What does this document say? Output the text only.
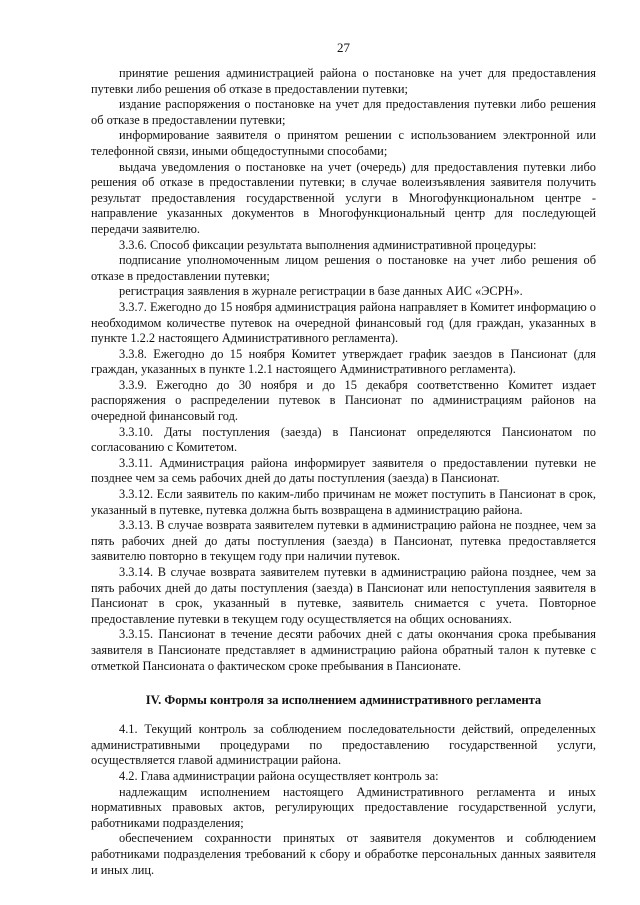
27

принятие решения администрацией района о постановке на учет для предоставления путевки либо решения об отказе в предоставлении путевки;

издание распоряжения о постановке на учет для предоставления путевки либо решения об отказе в предоставлении путевки;

информирование заявителя о принятом решении с использованием электронной или телефонной связи, иными общедоступными способами;

выдача уведомления о постановке на учет (очередь) для предоставления путевки либо решения об отказе в предоставлении путевки; в случае волеизъявления заявителя получить результат предоставления государственной услуги в Многофункциональном центре - направление указанных документов в Многофункциональный центр для последующей передачи заявителю.

3.3.6. Способ фиксации результата выполнения административной процедуры:

подписание уполномоченным лицом решения о постановке на учет либо решения об отказе в предоставлении путевки;

регистрация заявления в журнале регистрации в базе данных АИС «ЭСРН».

3.3.7. Ежегодно до 15 ноября администрация района направляет в Комитет информацию о необходимом количестве путевок на очередной финансовый год (для граждан, указанных в пункте 1.2.2 настоящего Административного регламента).

3.3.8. Ежегодно до 15 ноября Комитет утверждает график заездов в Пансионат (для граждан, указанных в пункте 1.2.1 настоящего Административного регламента).

3.3.9. Ежегодно до 30 ноября и до 15 декабря соответственно Комитет издает распоряжения о распределении путевок в Пансионат по администрациям районов на очередной финансовый год.

3.3.10. Даты поступления (заезда) в Пансионат определяются Пансионатом по согласованию с Комитетом.

3.3.11. Администрация района информирует заявителя о предоставлении путевки не позднее чем за семь рабочих дней до даты поступления (заезда) в Пансионат.

3.3.12. Если заявитель по каким-либо причинам не может поступить в Пансионат в срок, указанный в путевке, путевка должна быть возвращена в администрацию района.

3.3.13. В случае возврата заявителем путевки в администрацию района не позднее, чем за пять рабочих дней до даты поступления (заезда) в Пансионат, путевка предоставляется заявителю повторно в текущем году при наличии путевок.

3.3.14. В случае возврата заявителем путевки в администрацию района позднее, чем за пять рабочих дней до даты поступления (заезда) в Пансионат или непоступления заявителя в Пансионат в срок, указанный в путевке, заявитель снимается с учета. Повторное предоставление путевки в текущем году осуществляется на общих основаниях.

3.3.15. Пансионат в течение десяти рабочих дней с даты окончания срока пребывания заявителя в Пансионате представляет в администрацию района обратный талон к путевке с отметкой Пансионата о фактическом сроке пребывания в Пансионате.

IV. Формы контроля за исполнением административного регламента

4.1. Текущий контроль за соблюдением последовательности действий, определенных административными процедурами по предоставлению государственной услуги, осуществляется главой администрации района.

4.2. Глава администрации района осуществляет контроль за:

надлежащим исполнением настоящего Административного регламента и иных нормативных правовых актов, регулирующих предоставление государственной услуги, работниками подразделения;

обеспечением сохранности принятых от заявителя документов и соблюдением работниками подразделения требований к сбору и обработке персональных данных заявителя и иных лиц.
